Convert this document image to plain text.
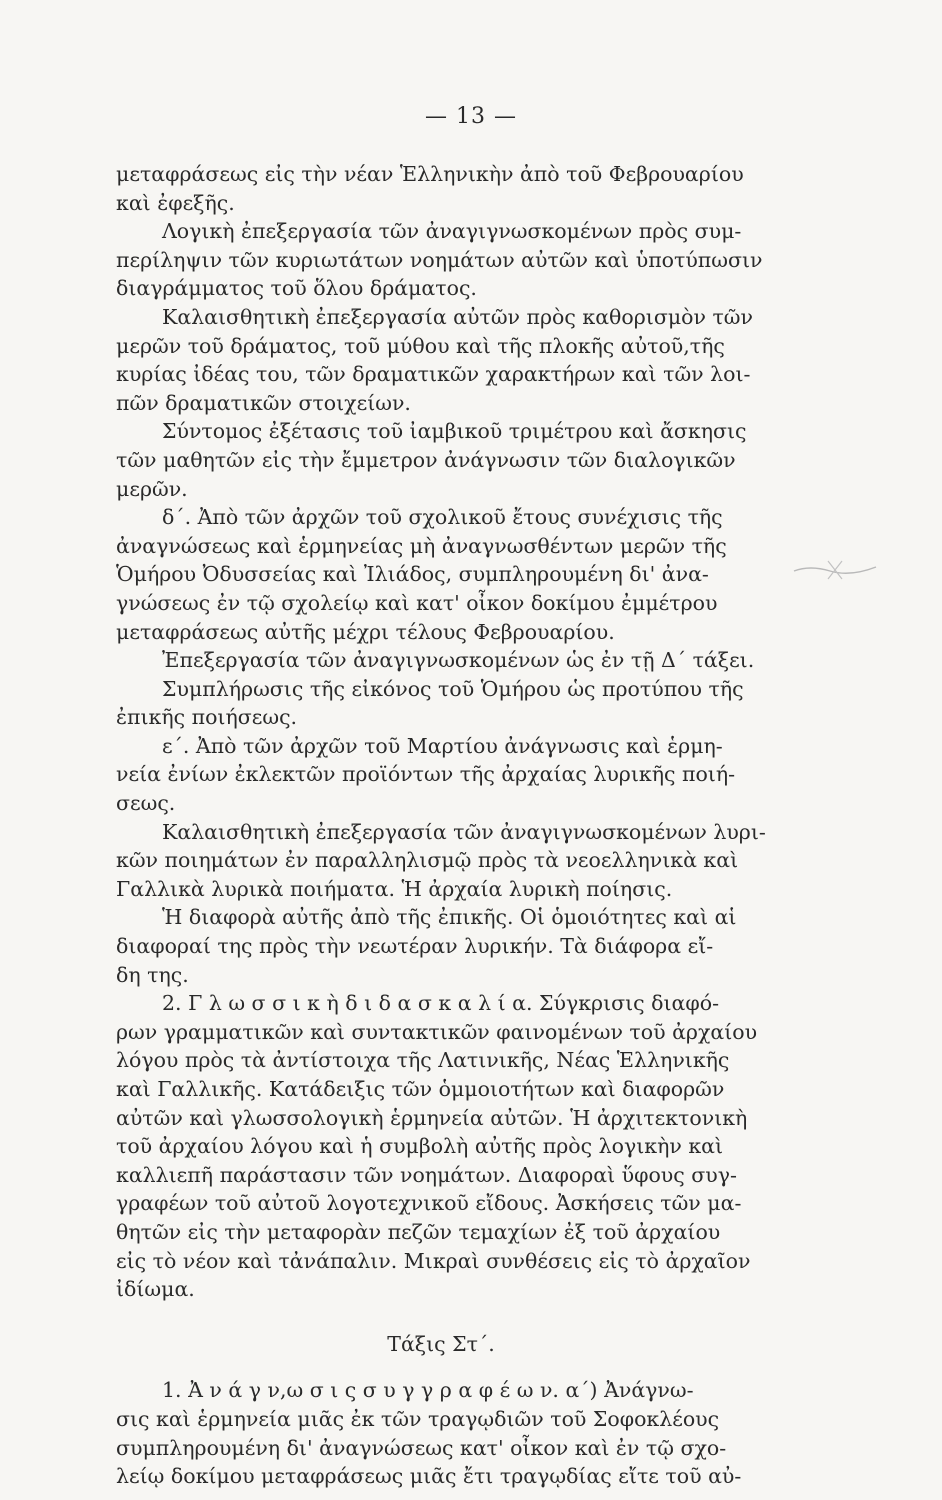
— 13 —
μεταφράσεως εἰς τὴν νέαν Ἑλληνικὴν ἀπὸ τοῦ Φεβρουαρίου
καὶ ἐφεξῆς.
Λογικὴ ἐπεξεργασία τῶν ἀναγιγνωσκομένων πρὸς συμ-
περίληψιν τῶν κυριωτάτων νοημάτων αὐτῶν καὶ ὑποτύπωσιν
διαγράμματος τοῦ ὅλου δράματος.
Καλαισθητικὴ ἐπεξεργασία αὐτῶν πρὸς καθορισμὸν τῶν
μερῶν τοῦ δράματος, τοῦ μύθου καὶ τῆς πλοκῆς αὐτοῦ,τῆς
κυρίας ἰδέας του, τῶν δραματικῶν χαρακτήρων καὶ τῶν λοι-
πῶν δραματικῶν στοιχείων.
Σύντομος ἐξέτασις τοῦ ἰαμβικοῦ τριμέτρου καὶ ἄσκησις
τῶν μαθητῶν εἰς τὴν ἔμμετρον ἀνάγνωσιν τῶν διαλογικῶν
μερῶν.
δ΄. Ἀπὸ τῶν ἀρχῶν τοῦ σχολικοῦ ἔτους συνέχισις τῆς
ἀναγνώσεως καὶ ἑρμηνείας μὴ ἀναγνωσθέντων μερῶν τῆς
Ὁμήρου Ὀδυσσείας καὶ Ἰλιάδος, συμπληρουμένη δι' ἀνα-
γνώσεως ἐν τῷ σχολείῳ καὶ κατ' οἶκον δοκίμου ἐμμέτρου
μεταφράσεως αὐτῆς μέχρι τέλους Φεβρουαρίου.
Ἐπεξεργασία τῶν ἀναγιγνωσκομένων ὡς ἐν τῇ Δ΄ τάξει.
Συμπλήρωσις τῆς εἰκόνος τοῦ Ὁμήρου ὡς προτύπου τῆς
ἐπικῆς ποιήσεως.
ε΄. Ἀπὸ τῶν ἀρχῶν τοῦ Μαρτίου ἀνάγνωσις καὶ ἑρμη-
νεία ἐνίων ἐκλεκτῶν προϊόντων τῆς ἀρχαίας λυρικῆς ποιή-
σεως.
Καλαισθητικὴ ἐπεξεργασία τῶν ἀναγιγνωσκομένων λυρι-
κῶν ποιημάτων ἐν παραλληλισμῷ πρὸς τὰ νεοελληνικὰ καὶ
Γαλλικὰ λυρικὰ ποιήματα. Ἡ ἀρχαία λυρικὴ ποίησις.
Ἡ διαφορὰ αὐτῆς ἀπὸ τῆς ἐπικῆς. Οἱ ὁμοιότητες καὶ αἱ
διαφοραί της πρὸς τὴν νεωτέραν λυρικήν. Τὰ διάφορα εἴ-
δη της.
2. Γ λ ω σ σ ι κ ὴ δ ι δ α σ κ α λ ί α. Σύγκρισις διαφό-
ρων γραμματικῶν καὶ συντακτικῶν φαινομένων τοῦ ἀρχαίου
λόγου πρὸς τὰ ἀντίστοιχα τῆς Λατινικῆς, Νέας Ἑλληνικῆς
καὶ Γαλλικῆς. Κατάδειξις τῶν ὁμμοιοτήτων καὶ διαφορῶν
αὐτῶν καὶ γλωσσολογικὴ ἑρμηνεία αὐτῶν. Ἡ ἀρχιτεκτονικὴ
τοῦ ἀρχαίου λόγου καὶ ἡ συμβολὴ αὐτῆς πρὸς λογικὴν καὶ
καλλιεπῆ παράστασιν τῶν νοημάτων. Διαφοραὶ ὕφους συγ-
γραφέων τοῦ αὐτοῦ λογοτεχνικοῦ εἴδους. Ἀσκήσεις τῶν μα-
θητῶν εἰς τὴν μεταφορὰν πεζῶν τεμαχίων ἐξ τοῦ ἀρχαίου
εἰς τὸ νέον καὶ τἀνάπαλιν. Μικραὶ συνθέσεις εἰς τὸ ἀρχαῖον
ἰδίωμα.
Τάξις Στ΄.
1. Ἀ ν ά γ ν,ω σ ι ς σ υ γ γ ρ α φ έ ω ν. α΄) Ἀνάγνω-
σις καὶ ἑρμηνεία μιᾶς ἐκ τῶν τραγῳδιῶν τοῦ Σοφοκλέους
συμπληρουμένη δι' ἀναγνώσεως κατ' οἶκον καὶ ἐν τῷ σχο-
λείῳ δοκίμου μεταφράσεως μιᾶς ἔτι τραγῳδίας εἴτε τοῦ αὐ-
